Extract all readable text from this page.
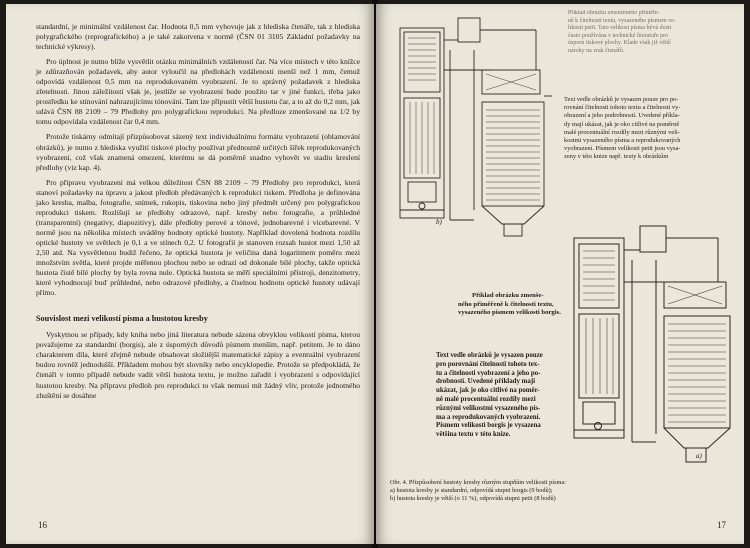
standardní, je minimální vzdálenost čar. Hodnota 0,5 mm vyhovuje jak z hlediska čtenáře, tak z hlediska polygrafického (reprografického) a je také zakotvena v normě (ČSN 01 3105 Základní požadavky na technické výkresy).

Pro úplnost je nutno blíže vysvětlit otázku minimálních vzdáleností čar. Na více místech v této knížce je zdůrazňován požadavek, aby autor vyloučil na předlohách vzdálenosti menší než 1 mm, čemuž odpovídá vzdálenost 0,5 mm na reprodukovaném vyobrazení. Je to správný požadavek z hlediska zřetelnosti. Jinou záležitostí však je, jestliže se vyobrazení bude použito tar v jiné funkci, třeba jako prostředku ke stínování nahrazujícímu tónování. Tam lze připustit větší hustotu čar, a to až do 0,2 mm, jak udává ČSN 88 2109 – 79 Předlohy pro polygrafickou reprodukci. Na předloze zmenšované na 1/2 by tomu odpovídala vzdálenost čar 0,4 mm.

Protože tiskárny odmítají přizpůsobovat sázený text individuálnímu formátu vyobrazení (oblamování obrázků), je nutno z hlediska využití tiskové plochy používat přednostně určitých šířek reprodukovaných vyobrazení, což však znamená omezení, kterému se dá poměrně snadno vyhovět ve stadiu kreslení předlohy (viz kap. 4).

Pro přípravu vyobrazení má velkou důležitost ČSN 88 2109 – 79 Předlohy pro reprodukci, která stanoví požadavky na úpravu a jakost předloh předávaných k reprodukci tiskem. Předloha je definována jako kresba, malba, fotografie, snímek, rukopis, tiskovina nebo jiný předmět určený pro polygrafickou reprodukci tiskem. Rozlišují se předlohy odrazové, např. kresby nebo fotografie, a průhledné (transparentní) (negativy, diapozitivy), dále předlohy perové a tónové, jednobarevné i vícebarevné. V normě jsou na několika místech uváděny hodnoty optické hustoty. Například dovolená hodnota rozdílu optické hustoty ve světlech je 0,1 a ve stínech 0,2. U fotografií je stanoven rozsah hustot mezi 1,50 až 2,50 atd. Na vysvětlenou budiž řečeno, že optická hustota je veličina daná logaritmem poměru mezi množstvím světla, které projde měřenou plochou nebo se odrazí od dokonale bílé plochy, takže optická hustota čistě bílé plochy by byla rovna nule. Optická hustota se měří speciálními přístroji, denzitometry, které vyhodnocují buď průhledné, nebo odrazové předlohy, a číselnou hodnotu optické hustoty udávají přímo.

Souvislost mezi velikostí písma a hustotou kresby

Vyskytnou se případy, kdy kniha nebo jiná literatura nebude sázena obvyklou velikostí písma, kterou považujeme za standardní (borgis), ale z úsporných důvodů písmem menším, např. petitem. Je to dáno charakterem díla, které zřejmě nebude obsahovat složitější matematické zápisy a eventuální vyobrazení budou rovněž jednodušší. Příkladem mohou být slovníky nebo encyklopedie. Protože se předpokládá, že čtenáři v tomto případě nebude vadit větší hustota textu, je možno zařadit i vyobrazení s odpovídající hustotou kresby. Na přípravu předloh pro reprodukci to však nemusí mít žádný vliv, protože jednotného zhuštění se dosáhne

16
b)
Příklad obrázku zmenšeného přiměře-
ně k čitelnosti textu, vysazeného písmem ve-
likosti petit. Tato velikost písma bývá dosti
často používána v technické literatuře pro
úsporu tiskové plochy. Klade však již větší
nároky na zrak čtenářů.
Text vedle obrázků je vysazen pouze pro po-
rovnání čitelnosti tohoto textu a čitelnosti vy-
obrazení a jeho podrobností. Uvedené příkla-
dy mají ukázat, jak je oko citlivé na poměrně
malé procentuální rozdíly mezi různými veli-
kostmi vysazeného písma a reprodukovaných
vyobrazení. Písmem velikosti petit jsou vysa-
zeny v této knize např. texty k obrázkům
a)
Příklad obrázku zmenše-
ného přiměřeně k čitelnosti textu,
vysazeného písmem velikosti borgis.
Text vedle obrázků je vysazen pouze
pro porovnání čitelnosti tohoto tex-
tu a čitelnosti vyobrazení a jeho po-
drobností. Uvedené příklady mají
ukázat, jak je oko citlivé na poměr-
ně malé procentuální rozdíly mezi
různými velikostmi vysazeného pís-
ma a reprodukovaných vyobrazení.
Písmem velikosti borgis je vysazena
většina textu v této knize.
Obr. 4. Přizpůsobení hustoty kresby různým stupňům velikosti písma:
a) hustota kresby je standardní, odpovídá stupni borgis (9 bodů);
b) hustota kresby je větší (o 11 %), odpovídá stupni petit (8 bodů)
17
